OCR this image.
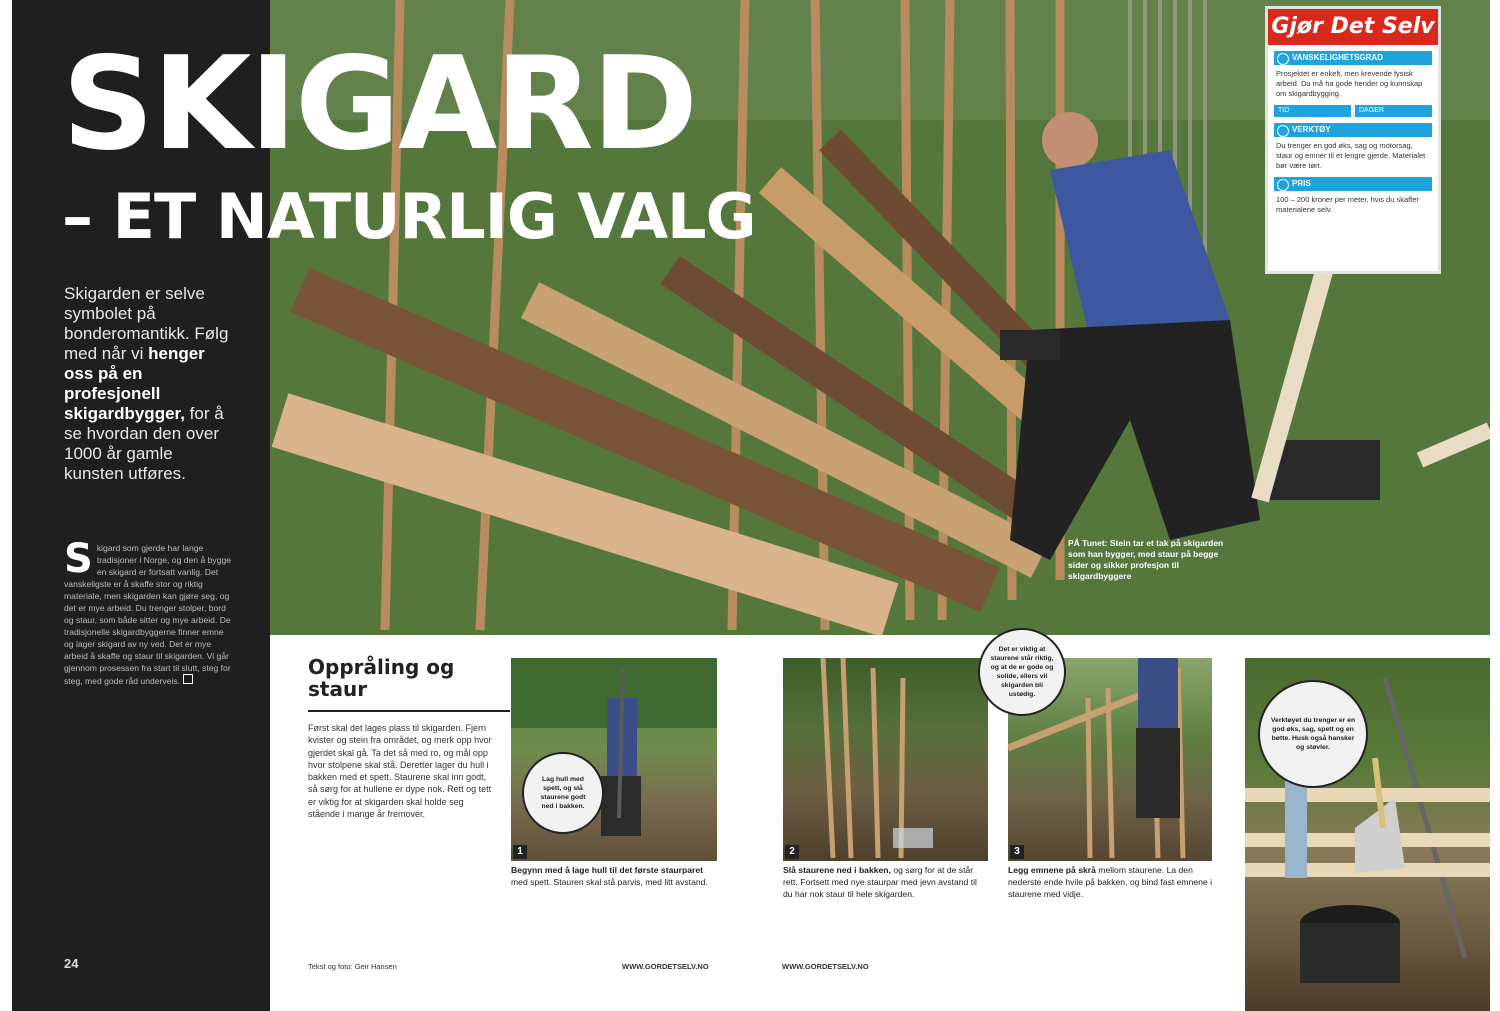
SKIGARD
– ET NATURLIG VALG
Skigarden er selve symbolet på bonderomantikk. Følg med når vi henger oss på en profesjonell skigardbygger, for å se hvordan den over 1000 år gamle kunsten utføres.
S kigard som gjerde har lange tradisjoner i Norge, og den å bygge en skigard er fortsatt vanlig. Det vanskeligste er å skaffe stor og riktig materiale, men skigarden kan gjøre seg, og det er mye arbeid. Du trenger stolper, bord og staur, som både sitter og mye arbeid. De tradisjonelle skigardbyggerne finner emne og lager skigard av ny ved. Det er mye arbeid å skaffe og staur til skigarden. Vi går gjennom prosessen fra start til slutt, steg for steg, med gode råd underveis.
24
PÅ Tunet: Stein tar et tak på skigarden som han bygger, med staur på begge sider og sikker profesjon til skigardbyggere
Gjør Det Selv
VANSKELIGHETSGRAD
Prosjektet er enkelt, men krevende fysisk arbeid. Du må ha gode hender og kunnskap om skigardbygging.
TID	DAGER
VERKTØY
Du trenger en god øks, sag og motorsag, staur og emner til et lengre gjerde. Materialet bør være tørt.
PRIS
100 – 200 kroner per meter, hvis du skaffer materialene selv.
Oppråling og staur
Først skal det lages plass til skigarden. Fjern kvister og stein fra området, og merk opp hvor gjerdet skal gå. Ta det så med ro, og mål opp hvor stolpene skal stå. Deretter lager du hull i bakken med et spett. Staurene skal inn godt, så sørg for at hullene er dype nok. Rett og tett er viktig for at skigarden skal holde seg stående i mange år fremover.
Tekst og foto: Geir Hansen	WWW.GORDETSELV.NO	WWW.GORDETSELV.NO
1
Lag hull med spett, og slå staurene godt ned i bakken.
2	3
Det er viktig at staurene står riktig, og at de er gode og solide, ellers vil skigarden bli ustødig.
Verktøyet du trenger er en god øks, sag, spett og en bøtte. Husk også hansker og støvler.
Begynn med å lage hull til det første staurparet med spett. Stauren skal stå parvis, med litt avstand.
Slå staurene ned i bakken, og sørg for at de står rett. Fortsett med nye staurpar med jevn avstand til du har nok staur til hele skigarden.
Legg emnene på skrå mellom staurene. La den nederste ende hvile på bakken, og bind fast emnene i staurene med vidje.
